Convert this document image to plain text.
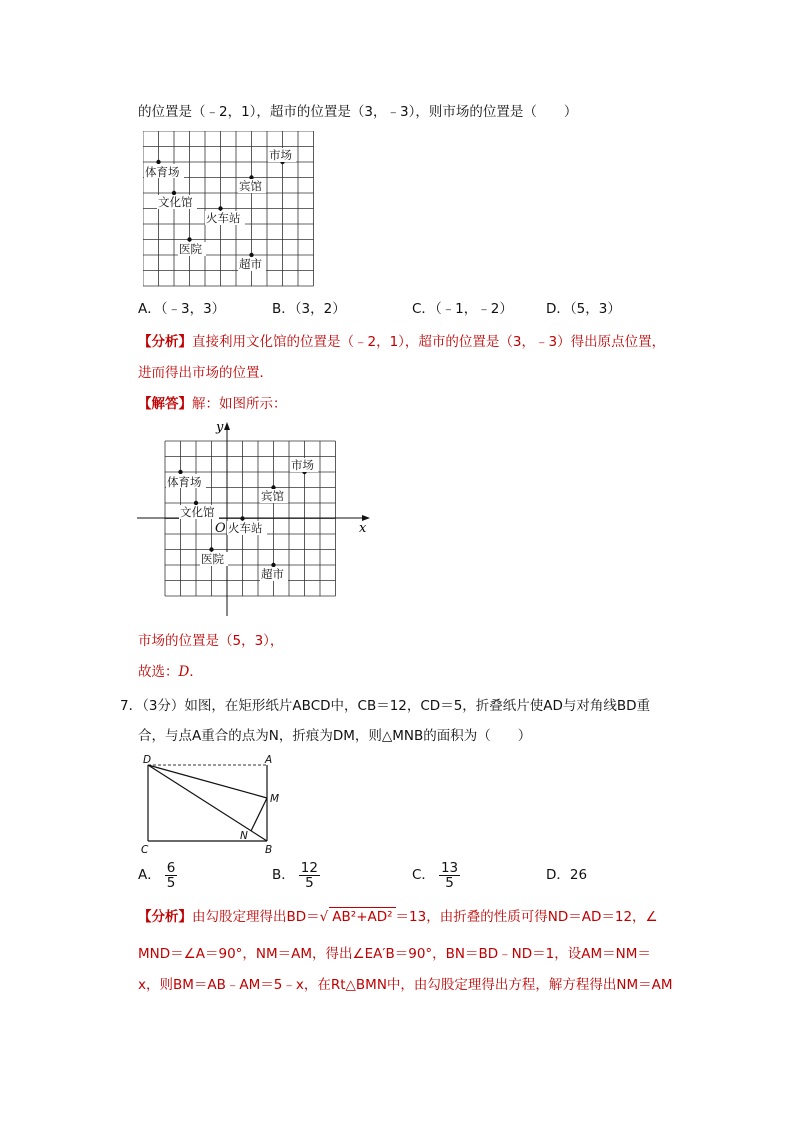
的位置是（﹣2，1），超市的位置是（3，﹣3），则市场的位置是（　　）
体育场
文化馆
火车站
医院
超市
市场
宾馆
A．（﹣3，3）	B．（3，2）	C．（﹣1，﹣2） D．（5，3）
【分析】直接利用文化馆的位置是（﹣2，1），超市的位置是（3，﹣3）得出原点位置，
进而得出市场的位置．
【解答】解：如图所示：
x
y
体育场
文化馆
火车站
医院
超市
市场
宾馆
O
市场的位置是（5，3），
故选：D．
7．（3分）如图，在矩形纸片ABCD中，CB＝12，CD＝5，折叠纸片使AD与对角线BD重
合，与点A重合的点为N，折痕为DM，则△MNB的面积为（　　）
D	A
M
N
C	B
A． $\frac{6}{5}$	B． $\frac{12}{5}$	C． $\frac{13}{5}$	D．26
【分析】由勾股定理得出BD＝√ AB²+AD² ＝13，由折叠的性质可得ND＝AD＝12，∠
MND＝∠A＝90°，NM＝AM，得出∠EA′B＝90°，BN＝BD﹣ND＝1，设AM＝NM＝
x，则BM＝AB﹣AM＝5﹣x，在Rt△BMN中，由勾股定理得出方程，解方程得出NM＝AM
